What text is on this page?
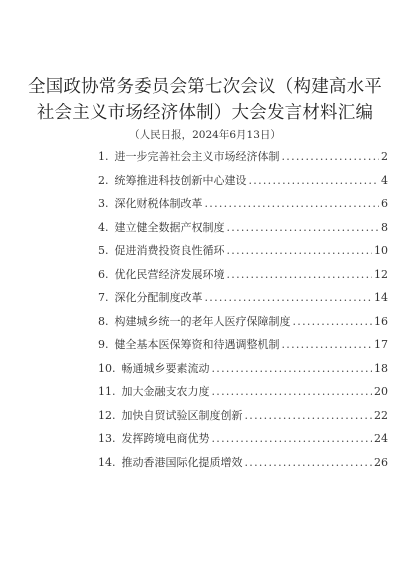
全国政协常务委员会第七次会议（构建高水平
社会主义市场经济体制）大会发言材料汇编
（人民日报，2024年6月13日）
1. 进一步完善社会主义市场经济体制 .....	2
2. 统筹推进科技创新中心建设 .....	4
3. 深化财税体制改革 .....	6
4. 建立健全数据产权制度 .....	8
5. 促进消费投资良性循环 .....	10
6. 优化民营经济发展环境 .....	12
7. 深化分配制度改革 .....	14
8. 构建城乡统一的老年人医疗保障制度 .....	16
9. 健全基本医保筹资和待遇调整机制 .....	17
10. 畅通城乡要素流动 .....	18
11. 加大金融支农力度 .....	20
12. 加快自贸试验区制度创新 .....	22
13. 发挥跨境电商优势 .....	24
14. 推动香港国际化提质增效 .....	26
